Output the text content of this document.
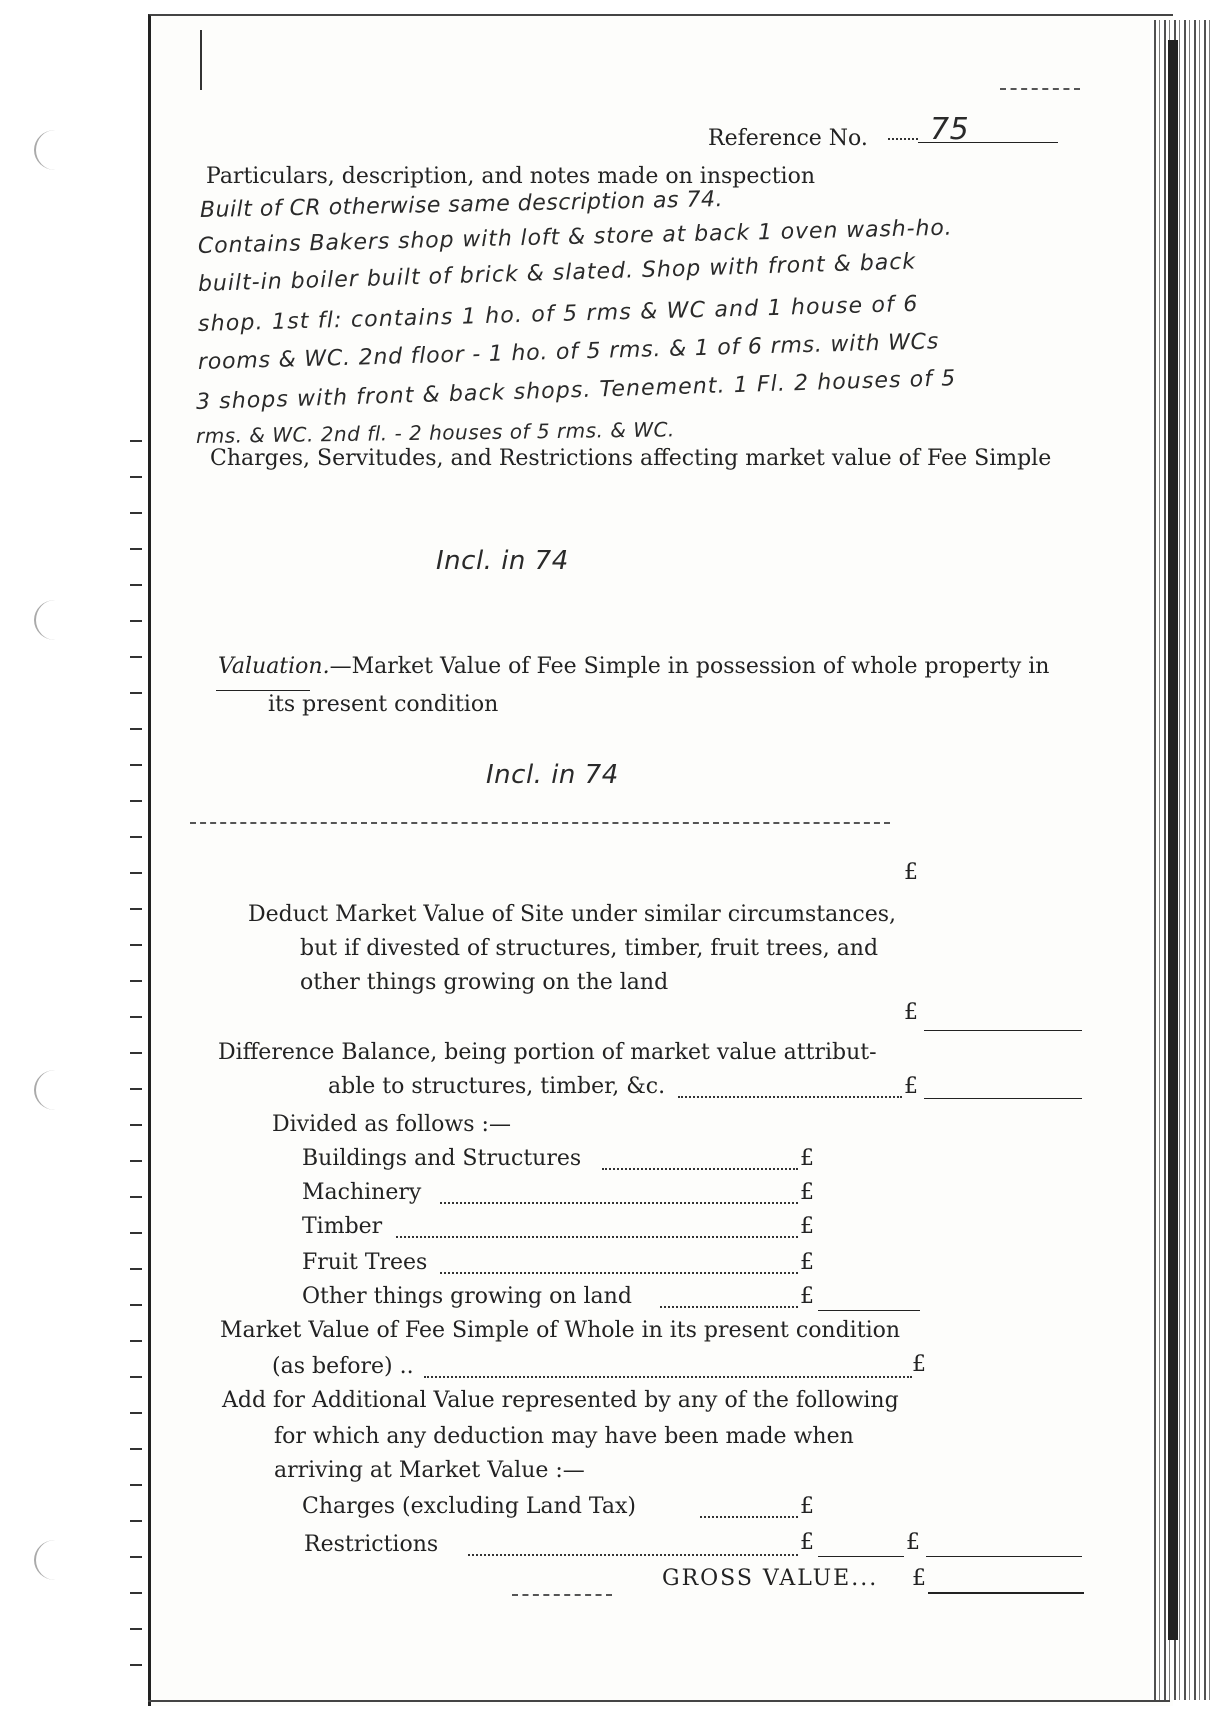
Reference No. 75
Particulars, description, and notes made on inspection
Built of CR otherwise same description as 74.
Contains Bakers shop with loft & store at back 1 oven wash-ho.
built-in boiler built of brick & slated. Shop with front & back
shop. 1st fl: contains 1 ho. of 5 rms & WC and 1 house of 6
rooms & WC. 2nd floor - 1 ho. of 5 rms. & 1 of 6 rms. with WCs
3 shops with front & back shops. Tenement. 1 Fl. 2 houses of 5
rms. & WC. 2nd fl. - 2 houses of 5 rms. & WC.
Charges, Servitudes, and Restrictions affecting market value of Fee Simple
Incl. in 74
Valuation.—Market Value of Fee Simple in possession of whole property in
its present condition
Incl. in 74
£
Deduct Market Value of Site under similar circumstances,
but if divested of structures, timber, fruit trees, and
other things growing on the land
£
Difference Balance, being portion of market value attribut-
able to structures, timber, &c.	£
Divided as follows :—
Buildings and Structures	£
Machinery	£
Timber	£
Fruit Trees	£
Other things growing on land	£
Market Value of Fee Simple of Whole in its present condition
(as before) ..	£
Add for Additional Value represented by any of the following
for which any deduction may have been made when
arriving at Market Value :—
Charges (excluding Land Tax)	£
Restrictions	£	£
GROSS VALUE... £
